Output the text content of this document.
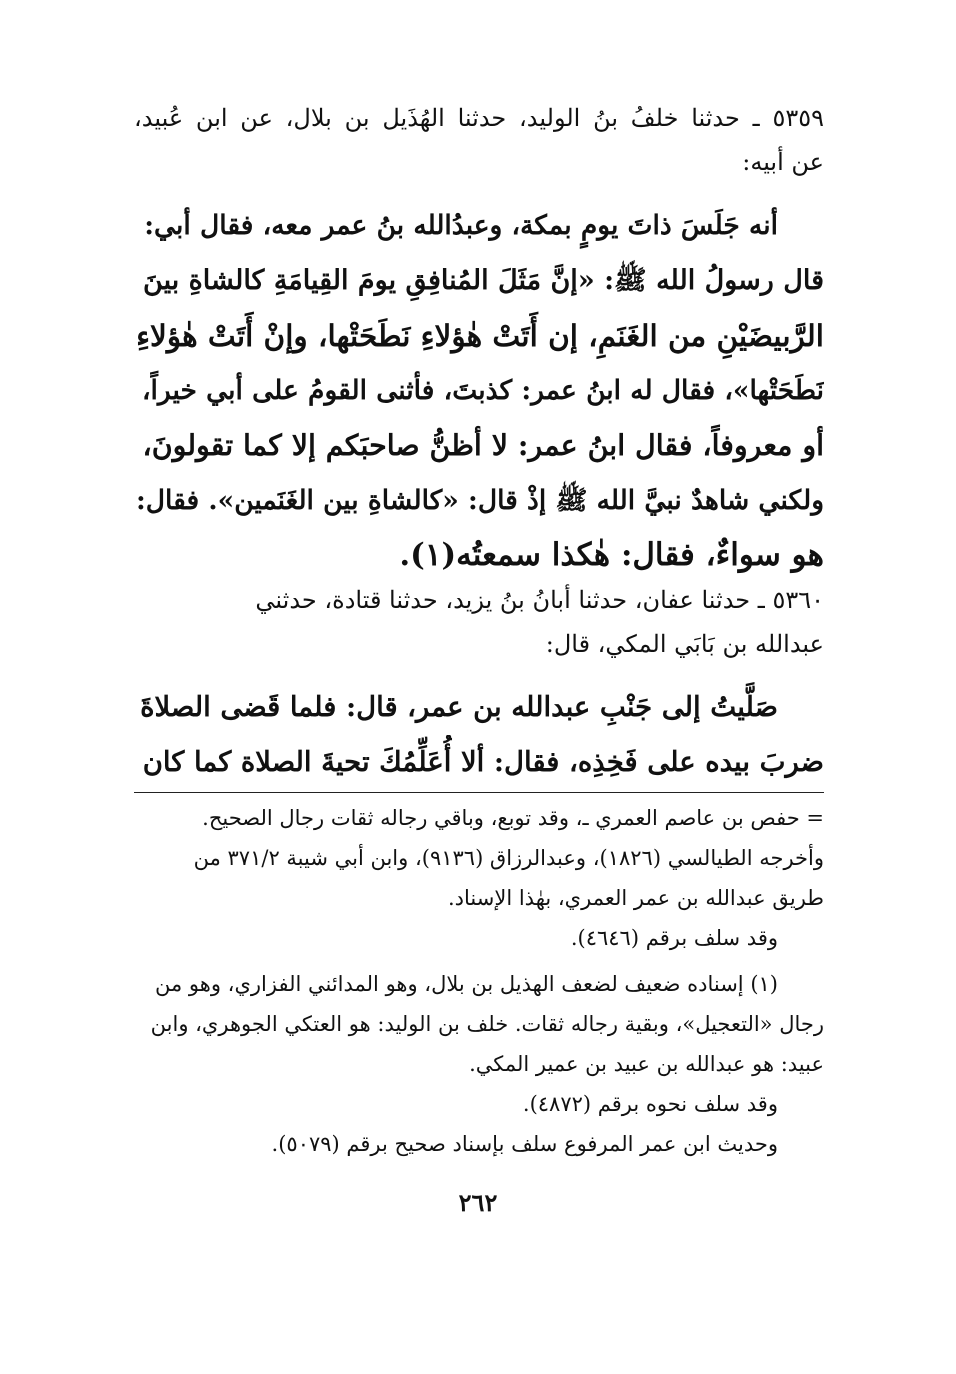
٥٣٥٩ ـ حدثنا خلفُ بنُ الوليد، حدثنا الهُذَيل بن بلال، عن ابن عُبيد،
عن أبيه:
أنه جَلَسَ ذاتَ يومٍ بمكة، وعبدُالله بنُ عمر معه، فقال أبي:
قال رسولُ الله ﷺ: «إنَّ مَثَلَ المُنافِقِ يومَ القِيامَةِ كالشاةِ بينَ
الرَّبيضَيْنِ من الغَنَمِ، إن أَتَتْ هٰؤلاءِ نَطَحَتْها، وإنْ أَتَتْ هٰؤلاءِ
نَطَحَتْها»، فقال له ابنُ عمر: كذبتَ، فأثنى القومُ على أبي خيراً،
أو معروفاً، فقال ابنُ عمر: لا أظنُّ صاحبَكم إلا كما تقولونَ،
ولكني شاهدٌ نبيَّ الله ﷺ إذْ قال: «كالشاةِ بين الغَنَمين». فقال:
هو سواءٌ، فقال: هٰكذا سمعتُه(١).
٥٣٦٠ ـ حدثنا عفان، حدثنا أبانُ بنُ يزيد، حدثنا قتادة، حدثني
عبدالله بن بَابَي المكي، قال:
صَلَّيتُ إلى جَنْبِ عبدالله بن عمر، قال: فلما قَضى الصلاةَ
ضربَ بيده على فَخِذِه، فقال: ألا أُعَلِّمُكَ تحيةَ الصلاة كما كان
= حفص بن عاصم العمري ـ، وقد توبع، وباقي رجاله ثقات رجال الصحيح.
وأخرجه الطيالسي (١٨٢٦)، وعبدالرزاق (٩١٣٦)، وابن أبي شيبة ٣٧١/٢ من
طريق عبدالله بن عمر العمري، بهٰذا الإسناد.
وقد سلف برقم (٤٦٤٦).
(١) إسناده ضعيف لضعف الهذيل بن بلال، وهو المدائني الفزاري، وهو من
رجال «التعجيل»، وبقية رجاله ثقات. خلف بن الوليد: هو العتكي الجوهري، وابن
عبيد: هو عبدالله بن عبيد بن عمير المكي.
وقد سلف نحوه برقم (٤٨٧٢).
وحديث ابن عمر المرفوع سلف بإسناد صحيح برقم (٥٠٧٩).
٢٦٢
